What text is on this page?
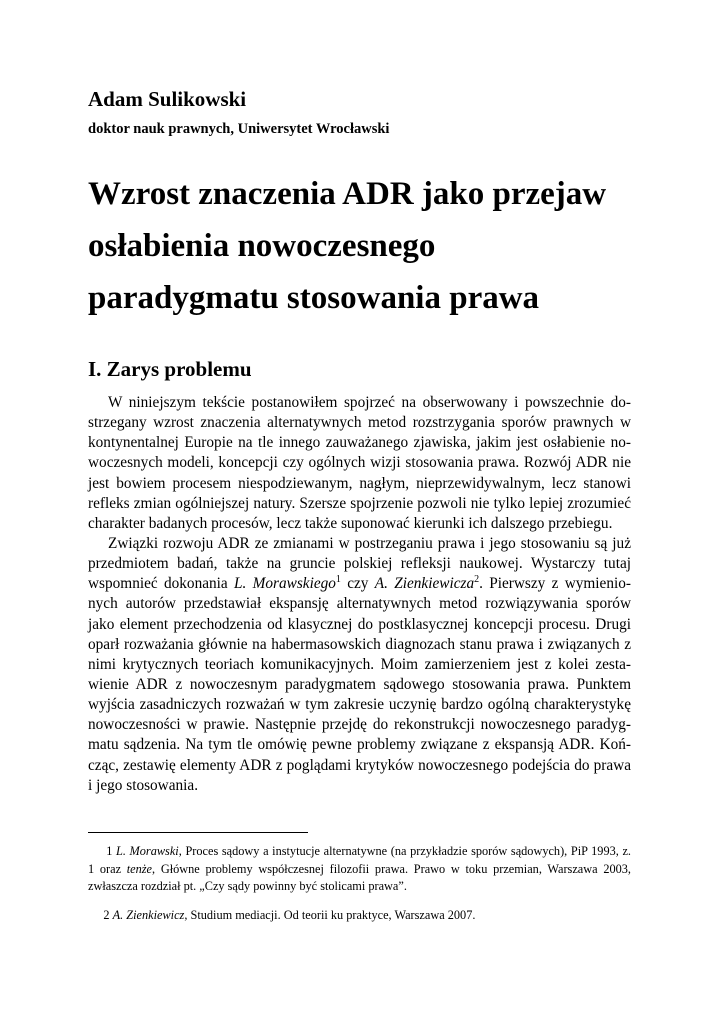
Adam Sulikowski
doktor nauk prawnych, Uniwersytet Wrocławski
Wzrost znaczenia ADR jako przejaw
osłabienia nowoczesnego
paradygmatu stosowania prawa
I. Zarys problemu
W niniejszym tekście postanowiłem spojrzeć na obserwowany i powszechnie do-
strzegany wzrost znaczenia alternatywnych metod rozstrzygania sporów prawnych w
kontynentalnej Europie na tle innego zauważanego zjawiska, jakim jest osłabienie no-
woczesnych modeli, koncepcji czy ogólnych wizji stosowania prawa. Rozwój ADR nie
jest bowiem procesem niespodziewanym, nagłym, nieprzewidywalnym, lecz stanowi
refleks zmian ogólniejszej natury. Szersze spojrzenie pozwoli nie tylko lepiej zrozumieć
charakter badanych procesów, lecz także suponować kierunki ich dalszego przebiegu.
Związki rozwoju ADR ze zmianami w postrzeganiu prawa i jego stosowaniu są już
przedmiotem badań, także na gruncie polskiej refleksji naukowej. Wystarczy tutaj
wspomnieć dokonania L. Morawskiego$^1$ czy A. Zienkiewicza$^2$. Pierwszy z wymienio-
nych autorów przedstawiał ekspansję alternatywnych metod rozwiązywania sporów
jako element przechodzenia od klasycznej do postklasycznej koncepcji procesu. Drugi
oparł rozważania głównie na habermasowskich diagnozach stanu prawa i związanych z
nimi krytycznych teoriach komunikacyjnych. Moim zamierzeniem jest z kolei zesta-
wienie ADR z nowoczesnym paradygmatem sądowego stosowania prawa. Punktem
wyjścia zasadniczych rozważań w tym zakresie uczynię bardzo ogólną charakterystykę
nowoczesności w prawie. Następnie przejdę do rekonstrukcji nowoczesnego paradyg-
matu sądzenia. Na tym tle omówię pewne problemy związane z ekspansją ADR. Koń-
cząc, zestawię elementy ADR z poglądami krytyków nowoczesnego podejścia do prawa
i jego stosowania.
1 L. Morawski, Proces sądowy a instytucje alternatywne (na przykładzie sporów sądowych), PiP 1993, z.
1 oraz tenże, Główne problemy współczesnej filozofii prawa. Prawo w toku przemian, Warszawa 2003,
zwłaszcza rozdział pt. „Czy sądy powinny być stolicami prawa”.
2 A. Zienkiewicz, Studium mediacji. Od teorii ku praktyce, Warszawa 2007.
